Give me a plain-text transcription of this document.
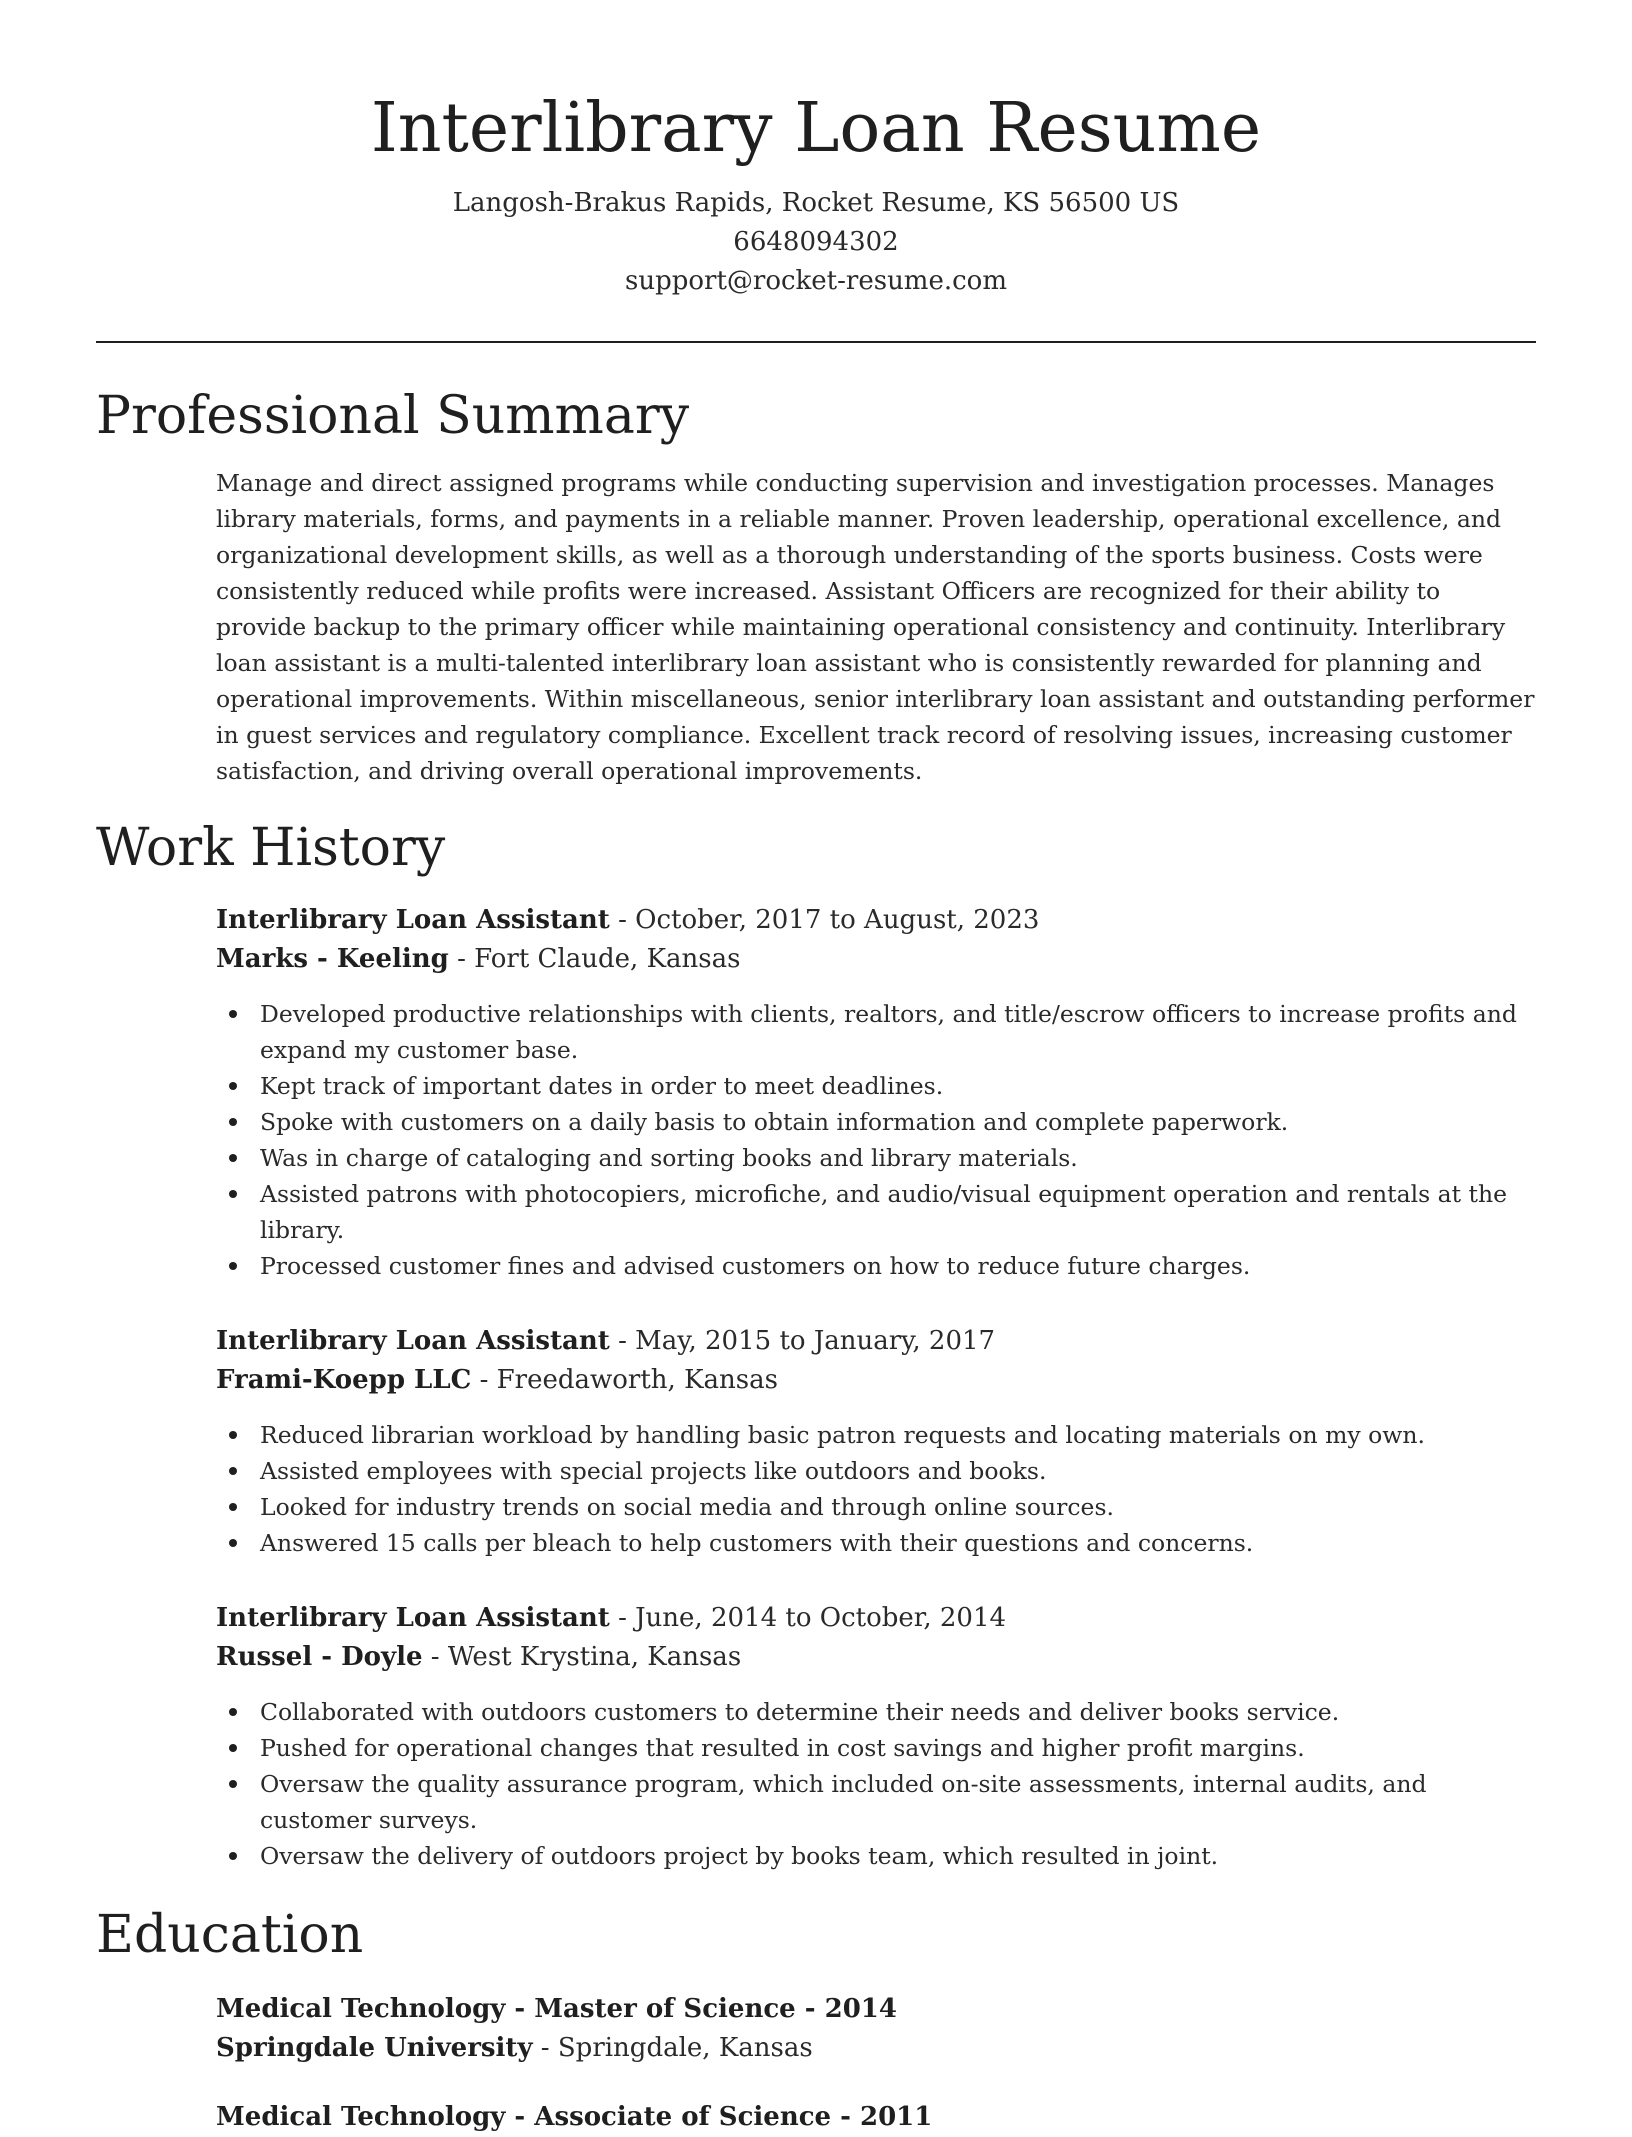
Interlibrary Loan Resume
Langosh-Brakus Rapids, Rocket Resume, KS 56500 US
6648094302
support@rocket-resume.com
Professional Summary

Manage and direct assigned programs while conducting supervision and investigation processes. Manages library materials, forms, and payments in a reliable manner. Proven leadership, operational excellence, and organizational development skills, as well as a thorough understanding of the sports business. Costs were consistently reduced while profits were increased. Assistant Officers are recognized for their ability to provide backup to the primary officer while maintaining operational consistency and continuity. Interlibrary loan assistant is a multi-talented interlibrary loan assistant who is consistently rewarded for planning and operational improvements. Within miscellaneous, senior interlibrary loan assistant and outstanding performer in guest services and regulatory compliance. Excellent track record of resolving issues, increasing customer satisfaction, and driving overall operational improvements.

Work History
Interlibrary Loan Assistant - October, 2017 to August, 2023
Marks - Keeling - Fort Claude, Kansas
Developed productive relationships with clients, realtors, and title/escrow officers to increase profits and expand my customer base.
Kept track of important dates in order to meet deadlines.
Spoke with customers on a daily basis to obtain information and complete paperwork.
Was in charge of cataloging and sorting books and library materials.
Assisted patrons with photocopiers, microfiche, and audio/visual equipment operation and rentals at the library.
Processed customer fines and advised customers on how to reduce future charges.
Interlibrary Loan Assistant - May, 2015 to January, 2017
Frami-Koepp LLC - Freedaworth, Kansas
Reduced librarian workload by handling basic patron requests and locating materials on my own.
Assisted employees with special projects like outdoors and books.
Looked for industry trends on social media and through online sources.
Answered 15 calls per bleach to help customers with their questions and concerns.
Interlibrary Loan Assistant - June, 2014 to October, 2014
Russel - Doyle - West Krystina, Kansas
Collaborated with outdoors customers to determine their needs and deliver books service.
Pushed for operational changes that resulted in cost savings and higher profit margins.
Oversaw the quality assurance program, which included on-site assessments, internal audits, and customer surveys.
Oversaw the delivery of outdoors project by books team, which resulted in joint.
Education
Medical Technology - Master of Science - 2014
Springdale University - Springdale, Kansas
Medical Technology - Associate of Science - 2011
